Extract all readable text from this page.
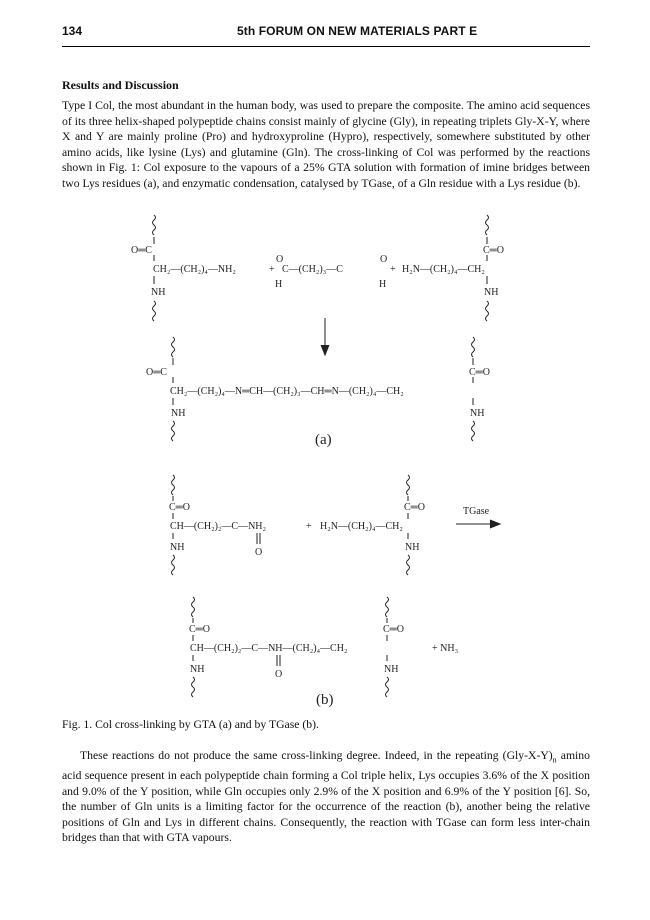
134	5th FORUM ON NEW MATERIALS PART E
Results and Discussion

Type I Col, the most abundant in the human body, was used to prepare the composite. The amino acid sequences of its three helix-shaped polypeptide chains consist mainly of glycine (Gly), in repeating triplets Gly-X-Y, where X and Y are mainly proline (Pro) and hydroxyproline (Hypro), respectively, somewhere substituted by other amino acids, like lysine (Lys) and glutamine (Gln). The cross-linking of Col was performed by the reactions shown in Fig. 1: Col exposure to the vapours of a 25% GTA solution with formation of imine bridges between two Lys residues (a), and enzymatic condensation, catalysed by TGase, of a Gln residue with a Lys residue (b).

O═C
CH₂—(CH₂)₄—NH₂
NH
+
O
H
C—(CH₂)₃—C
O
H
+ H₂N—(CH₂)₄—CH₂
C═O
NH
O═C
CH₂—(CH₂)₄—N═CH—(CH₂)₃—CH═N—(CH₂)₄—CH₂
NH
C═O
NH
(a)
C═O
CH—(CH₂)₂—C—NH₂
O
NH
+ H₂N—(CH₂)₄—CH₂
C═O
NH
TGase
C═O
CH—(CH₂)₂—C—NH—(CH₂)₄—CH₂
O
NH
C═O
NH
+ NH₃
(b)
Fig. 1. Col cross-linking by GTA (a) and by TGase (b).

These reactions do not produce the same cross-linking degree. Indeed, in the repeating $(Gly-X-Y)_n$ amino acid sequence present in each polypeptide chain forming a Col triple helix, Lys occupies 3.6% of the X position and 9.0% of the Y position, while Gln occupies only 2.9% of the X position and 6.9% of the Y position [6]. So, the number of Gln units is a limiting factor for the occurrence of the reaction (b), another being the relative positions of Gln and Lys in different chains. Consequently, the reaction with TGase can form less inter-chain bridges than that with GTA vapours.
